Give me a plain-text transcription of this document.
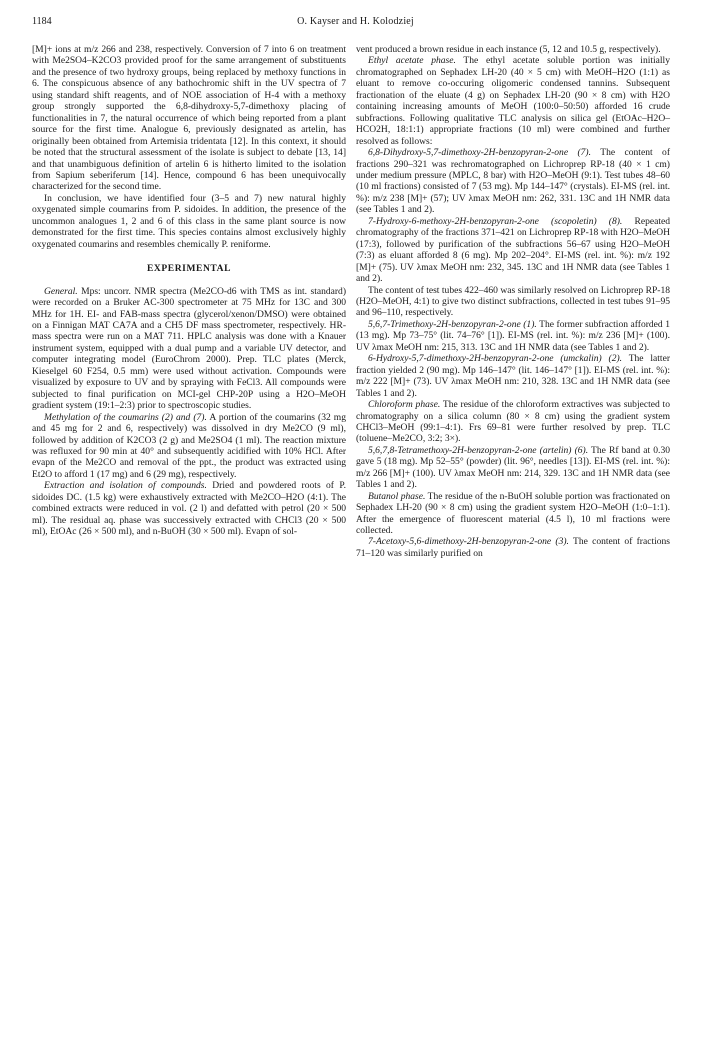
1184	O. Kayser and H. Kolodziej

[M]+ ions at m/z 266 and 238, respectively. Conversion of 7 into 6 on treatment with Me2SO4–K2CO3 provided proof for the same arrangement of substituents and the presence of two hydroxy groups, being replaced by methoxy functions in 6. The conspicuous absence of any bathochromic shift in the UV spectra of 7 using standard shift reagents, and of NOE association of H-4 with a methoxy group strongly supported the 6,8-dihydroxy-5,7-dimethoxy placing of functionalities in 7, the natural occurrence of which being reported from a plant source for the first time. Analogue 6, previously designated as artelin, has originally been obtained from Artemisia tridentata [12]. In this context, it should be noted that the structural assessment of the isolate is subject to debate [13, 14] and that unambiguous definition of artelin 6 is hitherto limited to the isolation from Sapium seberiferum [14]. Hence, compound 6 has been unequivocally characterized for the second time.

In conclusion, we have identified four (3–5 and 7) new natural highly oxygenated simple coumarins from P. sidoides. In addition, the presence of the uncommon analogues 1, 2 and 6 of this class in the same plant source is now demonstrated for the first time. This species contains almost exclusively highly oxygenated coumarins and resembles chemically P. reniforme.

EXPERIMENTAL

General. Mps: uncorr. NMR spectra (Me2CO-d6 with TMS as int. standard) were recorded on a Bruker AC-300 spectrometer at 75 MHz for 13C and 300 MHz for 1H. EI- and FAB-mass spectra (glycerol/xenon/DMSO) were obtained on a Finnigan MAT CA7A and a CH5 DF mass spectrometer, respectively. HR-mass spectra were run on a MAT 711. HPLC analysis was done with a Knauer instrument system, equipped with a dual pump and a variable UV detector, and computer integrating model (EuroChrom 2000). Prep. TLC plates (Merck, Kieselgel 60 F254, 0.5 mm) were used without activation. Compounds were visualized by exposure to UV and by spraying with FeCl3. All compounds were subjected to final purification on MCI-gel CHP-20P using a H2O–MeOH gradient system (19:1–2:3) prior to spectroscopic studies.

Methylation of the coumarins (2) and (7). A portion of the coumarins (32 mg and 45 mg for 2 and 6, respectively) was dissolved in dry Me2CO (9 ml), followed by addition of K2CO3 (2 g) and Me2SO4 (1 ml). The reaction mixture was refluxed for 90 min at 40° and subsequently acidified with 10% HCl. After evapn of the Me2CO and removal of the ppt., the product was extracted using Et2O to afford 1 (17 mg) and 6 (29 mg), respectively.

Extraction and isolation of compounds. Dried and powdered roots of P. sidoides DC. (1.5 kg) were exhaustively extracted with Me2CO–H2O (4:1). The combined extracts were reduced in vol. (2 l) and defatted with petrol (20 × 500 ml). The residual aq. phase was successively extracted with CHCl3 (20 × 500 ml), EtOAc (26 × 500 ml), and n-BuOH (30 × 500 ml). Evapn of sol-

vent produced a brown residue in each instance (5, 12 and 10.5 g, respectively).

Ethyl acetate phase. The ethyl acetate soluble portion was initially chromatographed on Sephadex LH-20 (40 × 5 cm) with MeOH–H2O (1:1) as eluant to remove co-occuring oligomeric condensed tannins. Subsequent fractionation of the eluate (4 g) on Sephadex LH-20 (90 × 8 cm) with H2O containing increasing amounts of MeOH (100:0–50:50) afforded 16 crude subfractions. Following qualitative TLC analysis on silica gel (EtOAc–H2O–HCO2H, 18:1:1) appropriate fractions (10 ml) were combined and further resolved as follows:

6,8-Dihydroxy-5,7-dimethoxy-2H-benzopyran-2-one (7). The content of fractions 290–321 was rechromatographed on Lichroprep RP-18 (40 × 1 cm) under medium pressure (MPLC, 8 bar) with H2O–MeOH (9:1). Test tubes 48–60 (10 ml fractions) consisted of 7 (53 mg). Mp 144–147° (crystals). EI-MS (rel. int. %): m/z 238 [M]+ (57); UV λmax MeOH nm: 262, 331. 13C and 1H NMR data (see Tables 1 and 2).

7-Hydroxy-6-methoxy-2H-benzopyran-2-one (scopoletin) (8). Repeated chromatography of the fractions 371–421 on Lichroprep RP-18 with H2O–MeOH (17:3), followed by purification of the subfractions 56–67 using H2O–MeOH (7:3) as eluant afforded 8 (6 mg). Mp 202–204°. EI-MS (rel. int. %): m/z 192 [M]+ (75). UV λmax MeOH nm: 232, 345. 13C and 1H NMR data (see Tables 1 and 2).

The content of test tubes 422–460 was similarly resolved on Lichroprep RP-18 (H2O–MeOH, 4:1) to give two distinct subfractions, collected in test tubes 91–95 and 96–110, respectively.

5,6,7-Trimethoxy-2H-benzopyran-2-one (1). The former subfraction afforded 1 (13 mg). Mp 73–75° (lit. 74–76° [1]). EI-MS (rel. int. %): m/z 236 [M]+ (100). UV λmax MeOH nm: 215, 313. 13C and 1H NMR data (see Tables 1 and 2).

6-Hydroxy-5,7-dimethoxy-2H-benzopyran-2-one (umckalin) (2). The latter fraction yielded 2 (90 mg). Mp 146–147° (lit. 146–147° [1]). EI-MS (rel. int. %): m/z 222 [M]+ (73). UV λmax MeOH nm: 210, 328. 13C and 1H NMR data (see Tables 1 and 2).

Chloroform phase. The residue of the chloroform extractives was subjected to chromatography on a silica column (80 × 8 cm) using the gradient system CHCl3–MeOH (99:1–4:1). Frs 69–81 were further resolved by prep. TLC (toluene–Me2CO, 3:2; 3×).

5,6,7,8-Tetramethoxy-2H-benzopyran-2-one (artelin) (6). The Rf band at 0.30 gave 5 (18 mg). Mp 52–55° (powder) (lit. 96°, needles [13]). EI-MS (rel. int. %): m/z 266 [M]+ (100). UV λmax MeOH nm: 214, 329. 13C and 1H NMR data (see Tables 1 and 2).

Butanol phase. The residue of the n-BuOH soluble portion was fractionated on Sephadex LH-20 (90 × 8 cm) using the gradient system H2O–MeOH (1:0–1:1). After the emergence of fluorescent material (4.5 l), 10 ml fractions were collected.

7-Acetoxy-5,6-dimethoxy-2H-benzopyran-2-one (3). The content of fractions 71–120 was similarly purified on
